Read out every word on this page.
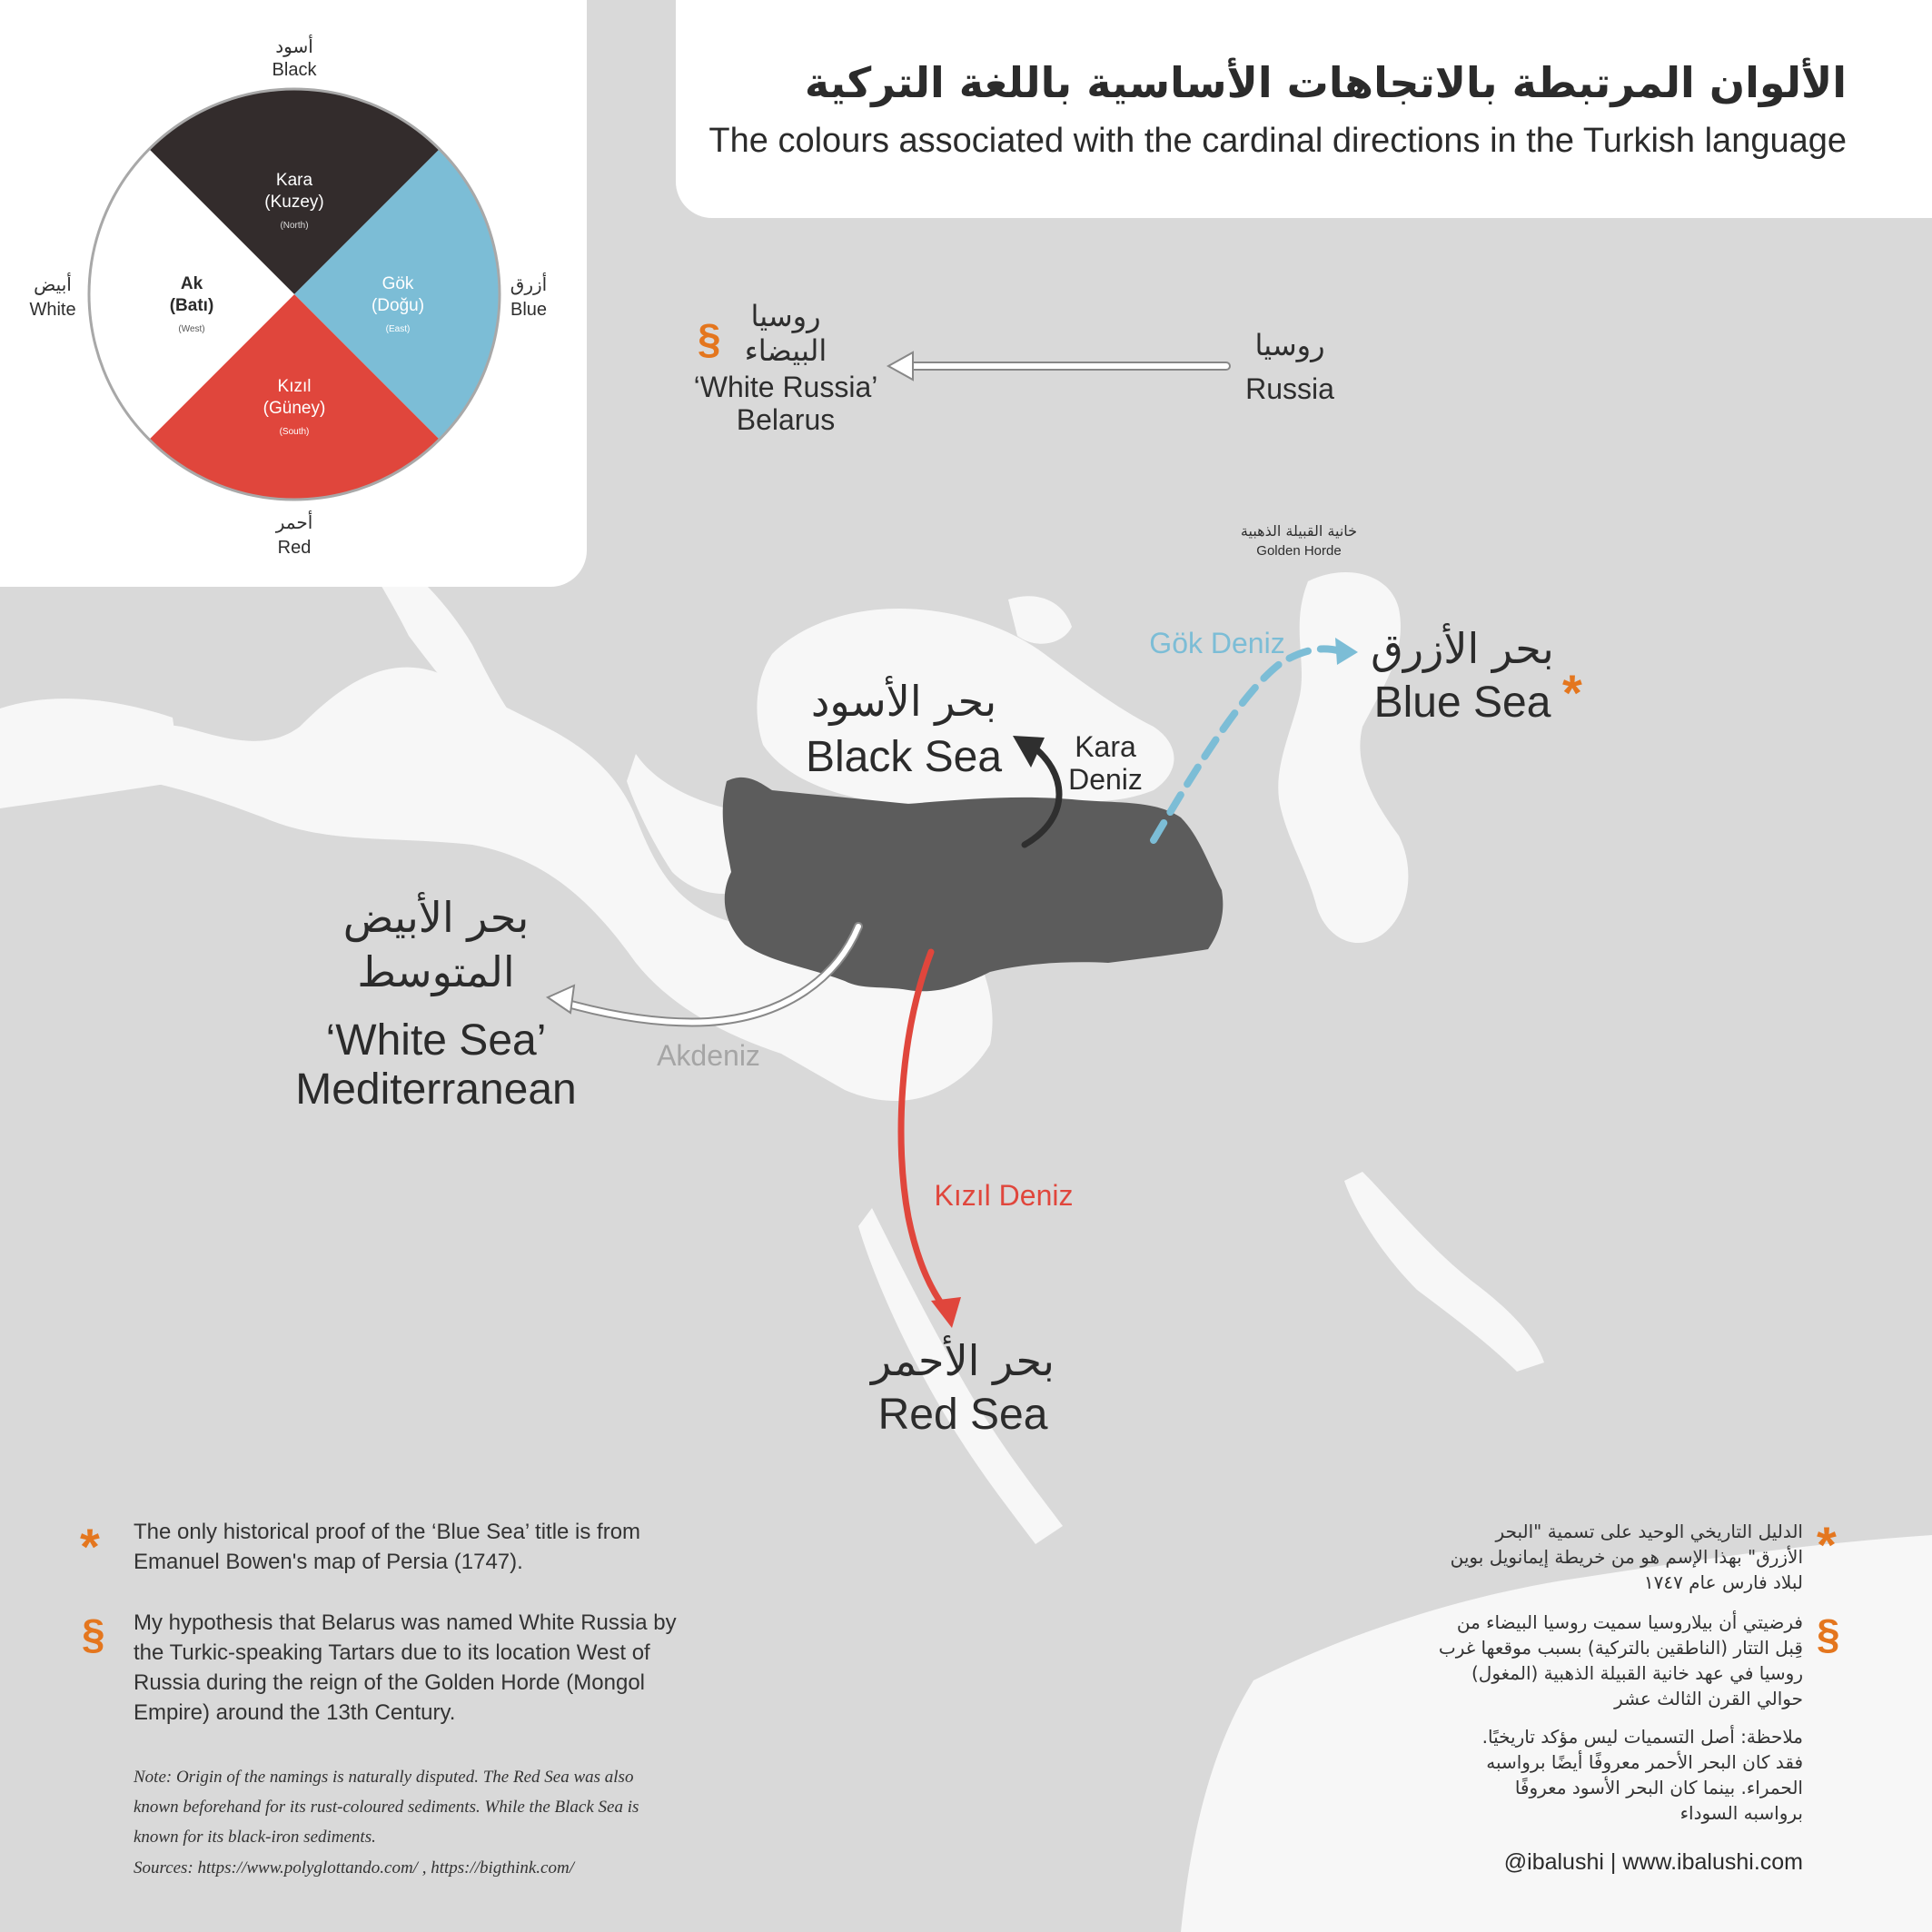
الألوان المرتبطة بالاتجاهات الأساسية باللغة التركية
The colours associated with the cardinal directions in the Turkish language
أسود
Black
أزرق
Blue
أبيض
White
أحمر
Red
Kara
(Kuzey)
(North)
Gök
(Doğu)
(East)
Kızıl
(Güney)
(South)
Ak
(Batı)
(West)	§	روسيا
البيضاء
‘White Russia’
Belarus
روسيا
Russia
خانية القبيلة الذهبية
Golden Horde
بحر الأسود
Black Sea	Kara Deniz
Gök Deniz	بحر الأزرق
Blue Sea *
بحر الأبيض
المتوسط
‘White Sea’
Mediterranean
Akdeniz
Kızıl Deniz
بحر الأحمر
Red Sea
* The only historical proof of the ‘Blue Sea’ title is from Emanuel Bowen's map of Persia (1747).
§ My hypothesis that Belarus was named White Russia by the Turkic-speaking Tartars due to its location West of Russia during the reign of the Golden Horde (Mongol Empire) around the 13th Century.
Note: Origin of the namings is naturally disputed. The Red Sea was also known beforehand for its rust-coloured sediments. While the Black Sea is known for its black-iron sediments.
Sources: https://www.polyglottando.com/ , https://bigthink.com/
*
الدليل التاريخي الوحيد على تسمية "البحر الأزرق" بهذا الإسم هو من خريطة إيمانويل بوين لبلاد فارس عام ١٧٤٧
§
فرضيتي أن بيلاروسيا سميت روسيا البيضاء من قِبل التتار (الناطقين بالتركية) بسبب موقعها غرب روسيا في عهد خانية القبيلة الذهبية (المغول) حوالي القرن الثالث عشر
ملاحظة: أصل التسميات ليس مؤكد تاريخيًا. فقد كان البحر الأحمر معروفًا أيضًا برواسبه الحمراء. بينما كان البحر الأسود معروفًا برواسبه السوداء
@ibalushi | www.ibalushi.com
